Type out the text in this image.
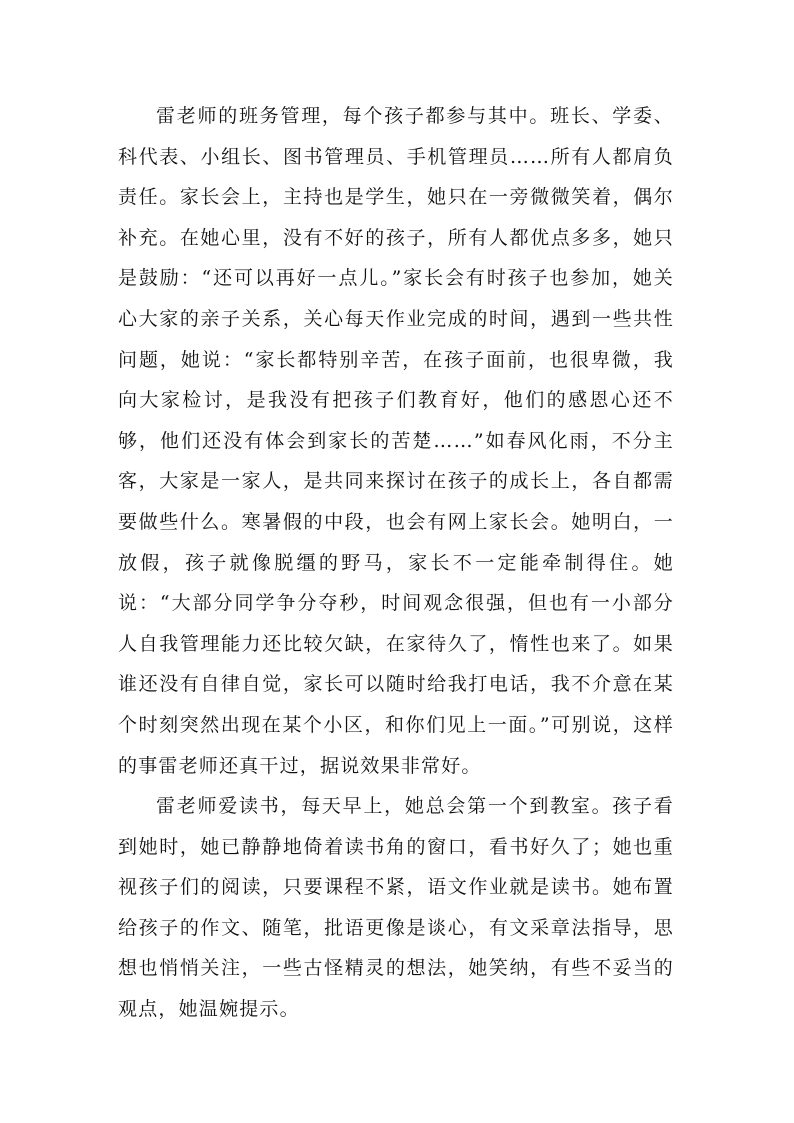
雷老师的班务管理，每个孩子都参与其中。班长、学委、科代表、小组长、图书管理员、手机管理员……所有人都肩负责任。家长会上，主持也是学生，她只在一旁微微笑着，偶尔补充。在她心里，没有不好的孩子，所有人都优点多多，她只是鼓励：“还可以再好一点儿。”家长会有时孩子也参加，她关心大家的亲子关系，关心每天作业完成的时间，遇到一些共性问题，她说：“家长都特别辛苦，在孩子面前，也很卑微，我向大家检讨，是我没有把孩子们教育好，他们的感恩心还不够，他们还没有体会到家长的苦楚……”如春风化雨，不分主客，大家是一家人，是共同来探讨在孩子的成长上，各自都需要做些什么。寒暑假的中段，也会有网上家长会。她明白，一放假，孩子就像脱缰的野马，家长不一定能牵制得住。她说：“大部分同学争分夺秒，时间观念很强，但也有一小部分人自我管理能力还比较欠缺，在家待久了，惰性也来了。如果谁还没有自律自觉，家长可以随时给我打电话，我不介意在某个时刻突然出现在某个小区，和你们见上一面。”可别说，这样的事雷老师还真干过，据说效果非常好。

雷老师爱读书，每天早上，她总会第一个到教室。孩子看到她时，她已静静地倚着读书角的窗口，看书好久了；她也重视孩子们的阅读，只要课程不紧，语文作业就是读书。她布置给孩子的作文、随笔，批语更像是谈心，有文采章法指导，思想也悄悄关注，一些古怪精灵的想法，她笑纳，有些不妥当的观点，她温婉提示。
